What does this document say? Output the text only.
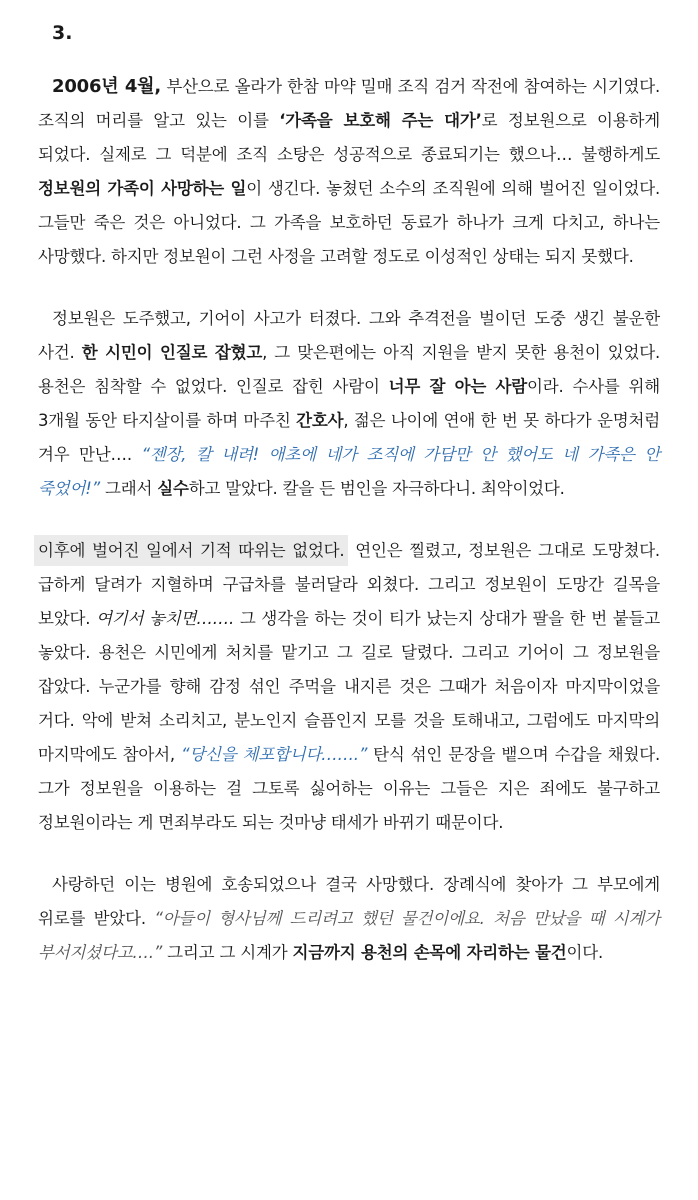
3.

2006년 4월, 부산으로 올라가 한참 마약 밀매 조직 검거 작전에 참여하는 시기였다. 조직의 머리를 알고 있는 이를 ‘가족을 보호해 주는 대가’로 정보원으로 이용하게 되었다. 실제로 그 덕분에 조직 소탕은 성공적으로 종료되기는 했으나… 불행하게도 정보원의 가족이 사망하는 일이 생긴다. 놓쳤던 소수의 조직원에 의해 벌어진 일이었다. 그들만 죽은 것은 아니었다. 그 가족을 보호하던 동료가 하나가 크게 다치고, 하나는 사망했다. 하지만 정보원이 그런 사정을 고려할 정도로 이성적인 상태는 되지 못했다.

정보원은 도주했고, 기어이 사고가 터졌다. 그와 추격전을 벌이던 도중 생긴 불운한 사건. 한 시민이 인질로 잡혔고, 그 맞은편에는 아직 지원을 받지 못한 용천이 있었다. 용천은 침착할 수 없었다. 인질로 잡힌 사람이 너무 잘 아는 사람이라. 수사를 위해 3개월 동안 타지살이를 하며 마주친 간호사, 젊은 나이에 연애 한 번 못 하다가 운명처럼 겨우 만난…. “젠장, 칼 내려! 애초에 네가 조직에 가담만 안 했어도 네 가족은 안 죽었어!” 그래서 실수하고 말았다. 칼을 든 범인을 자극하다니. 최악이었다.

이후에 벌어진 일에서 기적 따위는 없었다. 연인은 찔렸고, 정보원은 그대로 도망쳤다. 급하게 달려가 지혈하며 구급차를 불러달라 외쳤다. 그리고 정보원이 도망간 길목을 보았다. 여기서 놓치면……. 그 생각을 하는 것이 티가 났는지 상대가 팔을 한 번 붙들고 놓았다. 용천은 시민에게 처치를 맡기고 그 길로 달렸다. 그리고 기어이 그 정보원을 잡았다. 누군가를 향해 감정 섞인 주먹을 내지른 것은 그때가 처음이자 마지막이었을 거다. 악에 받쳐 소리치고, 분노인지 슬픔인지 모를 것을 토해내고, 그럼에도 마지막의 마지막에도 참아서, “당신을 체포합니다…….” 탄식 섞인 문장을 뱉으며 수갑을 채웠다. 그가 정보원을 이용하는 걸 그토록 싫어하는 이유는 그들은 지은 죄에도 불구하고 정보원이라는 게 면죄부라도 되는 것마냥 태세가 바뀌기 때문이다.

사랑하던 이는 병원에 호송되었으나 결국 사망했다. 장례식에 찾아가 그 부모에게 위로를 받았다. “아들이 형사님께 드리려고 했던 물건이에요. 처음 만났을 때 시계가 부서지셨다고….” 그리고 그 시계가 지금까지 용천의 손목에 자리하는 물건이다.
